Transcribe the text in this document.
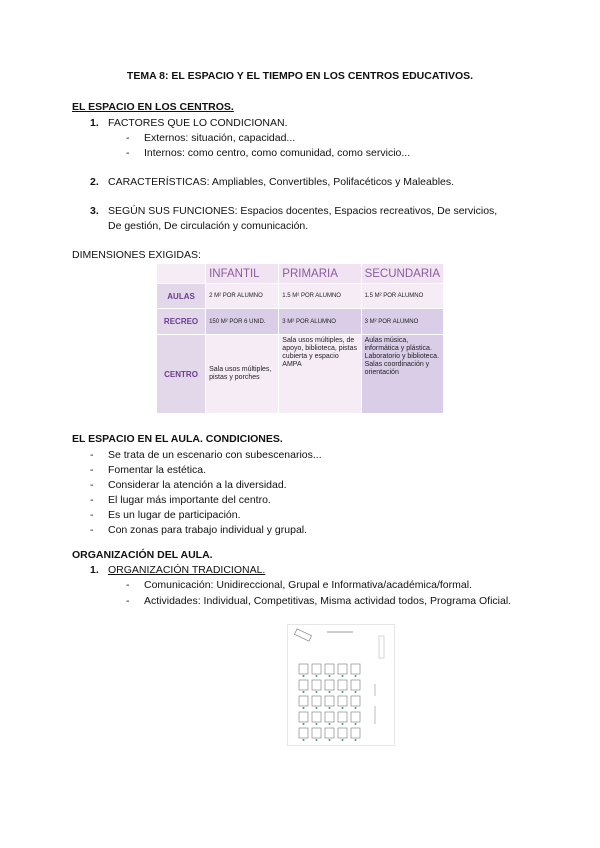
TEMA 8: EL ESPACIO Y EL TIEMPO EN LOS CENTROS EDUCATIVOS.
EL ESPACIO EN LOS CENTROS.
1. FACTORES QUE LO CONDICIONAN.
- Externos: situación, capacidad...
- Internos: como centro, como comunidad, como servicio...
2. CARACTERÍSTICAS: Ampliables, Convertibles, Polifacéticos y Maleables.
3. SEGÚN SUS FUNCIONES: Espacios docentes, Espacios recreativos, De servicios,
De gestión, De circulación y comunicación.
DIMENSIONES EXIGIDAS:
	INFANTIL	PRIMARIA	SECUNDARIA
AULAS	2 M² POR ALUMNO	1.5 M² POR ALUMNO	1.5 M² POR ALUMNO
RECREO	150 M² POR 6 UNID.	3 M² POR ALUMNO	3 M² POR ALUMNO
CENTRO	Sala usos múltiples, pistas y porches	Sala usos múltiples, de apoyo, biblioteca, pistas cubierta y espacio AMPA	Aulas música, informática y plástica. Laboratorio y biblioteca. Salas coordinación y orientación
EL ESPACIO EN EL AULA. CONDICIONES.
- Se trata de un escenario con subescenarios...
- Fomentar la estética.
- Considerar la atención a la diversidad.
- El lugar más importante del centro.
- Es un lugar de participación.
- Con zonas para trabajo individual y grupal.
ORGANIZACIÓN DEL AULA.
1. ORGANIZACIÓN TRADICIONAL.
- Comunicación: Unidireccional, Grupal e Informativa/académica/formal.
-	Actividades: Individual, Competitivas, Misma actividad todos, Programa Oficial.
